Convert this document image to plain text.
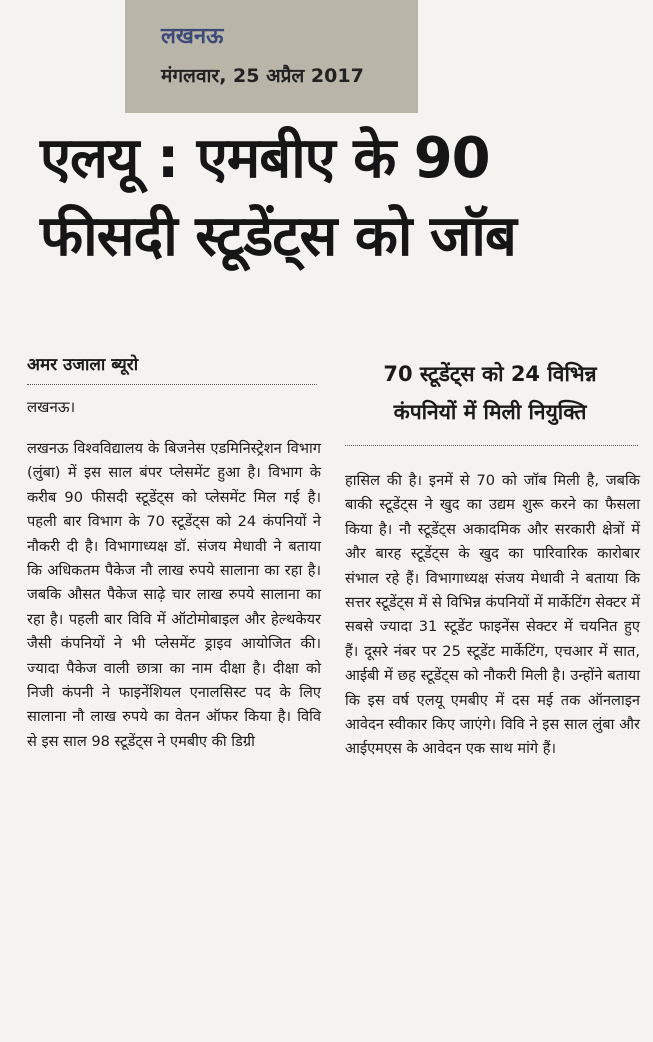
लखनऊ
मंगलवार, 25 अप्रैल 2017
एलयू : एमबीए के 90
फीसदी स्टूडेंट्स को जॉब
अमर उजाला ब्यूरो
लखनऊ।
70 स्टूडेंट्स को 24 विभिन्न
कंपनियों में मिली नियुक्ति
लखनऊ विश्वविद्यालय के बिजनेस एडमिनिस्ट्रेशन विभाग (लुंबा) में इस साल बंपर प्लेसमेंट हुआ है। विभाग के करीब 90 फीसदी स्टूडेंट्स को प्लेसमेंट मिल गई है। पहली बार विभाग के 70 स्टूडेंट्स को 24 कंपनियों ने नौकरी दी है। विभागाध्यक्ष डॉ. संजय मेधावी ने बताया कि अधिकतम पैकेज नौ लाख रुपये सालाना का रहा है। जबकि औसत पैकेज साढ़े चार लाख रुपये सालाना का रहा है। पहली बार विवि में ऑटोमोबाइल और हेल्थकेयर जैसी कंपनियों ने भी प्लेसमेंट ड्राइव आयोजित की। ज्यादा पैकेज वाली छात्रा का नाम दीक्षा है। दीक्षा को निजी कंपनी ने फाइनेंशियल एनालसिस्ट पद के लिए सालाना नौ लाख रुपये का वेतन ऑफर किया है। विवि से इस साल 98 स्टूडेंट्स ने एमबीए की डिग्री
हासिल की है। इनमें से 70 को जॉब मिली है, जबकि बाकी स्टूडेंट्स ने खुद का उद्यम शुरू करने का फैसला किया है। नौ स्टूडेंट्स अकादमिक और सरकारी क्षेत्रों में और बारह स्टूडेंट्स के खुद का पारिवारिक कारोबार संभाल रहे हैं। विभागाध्यक्ष संजय मेधावी ने बताया कि सत्तर स्टूडेंट्स में से विभिन्न कंपनियों में मार्केटिंग सेक्टर में सबसे ज्यादा 31 स्टूडेंट फाइनेंस सेक्टर में चयनित हुए हैं। दूसरे नंबर पर 25 स्टूडेंट मार्केटिंग, एचआर में सात, आईबी में छह स्टूडेंट्स को नौकरी मिली है। उन्होंने बताया कि इस वर्ष एलयू एमबीए में दस मई तक ऑनलाइन आवेदन स्वीकार किए जाएंगे। विवि ने इस साल लुंबा और आईएमएस के आवेदन एक साथ मांगे हैं।
